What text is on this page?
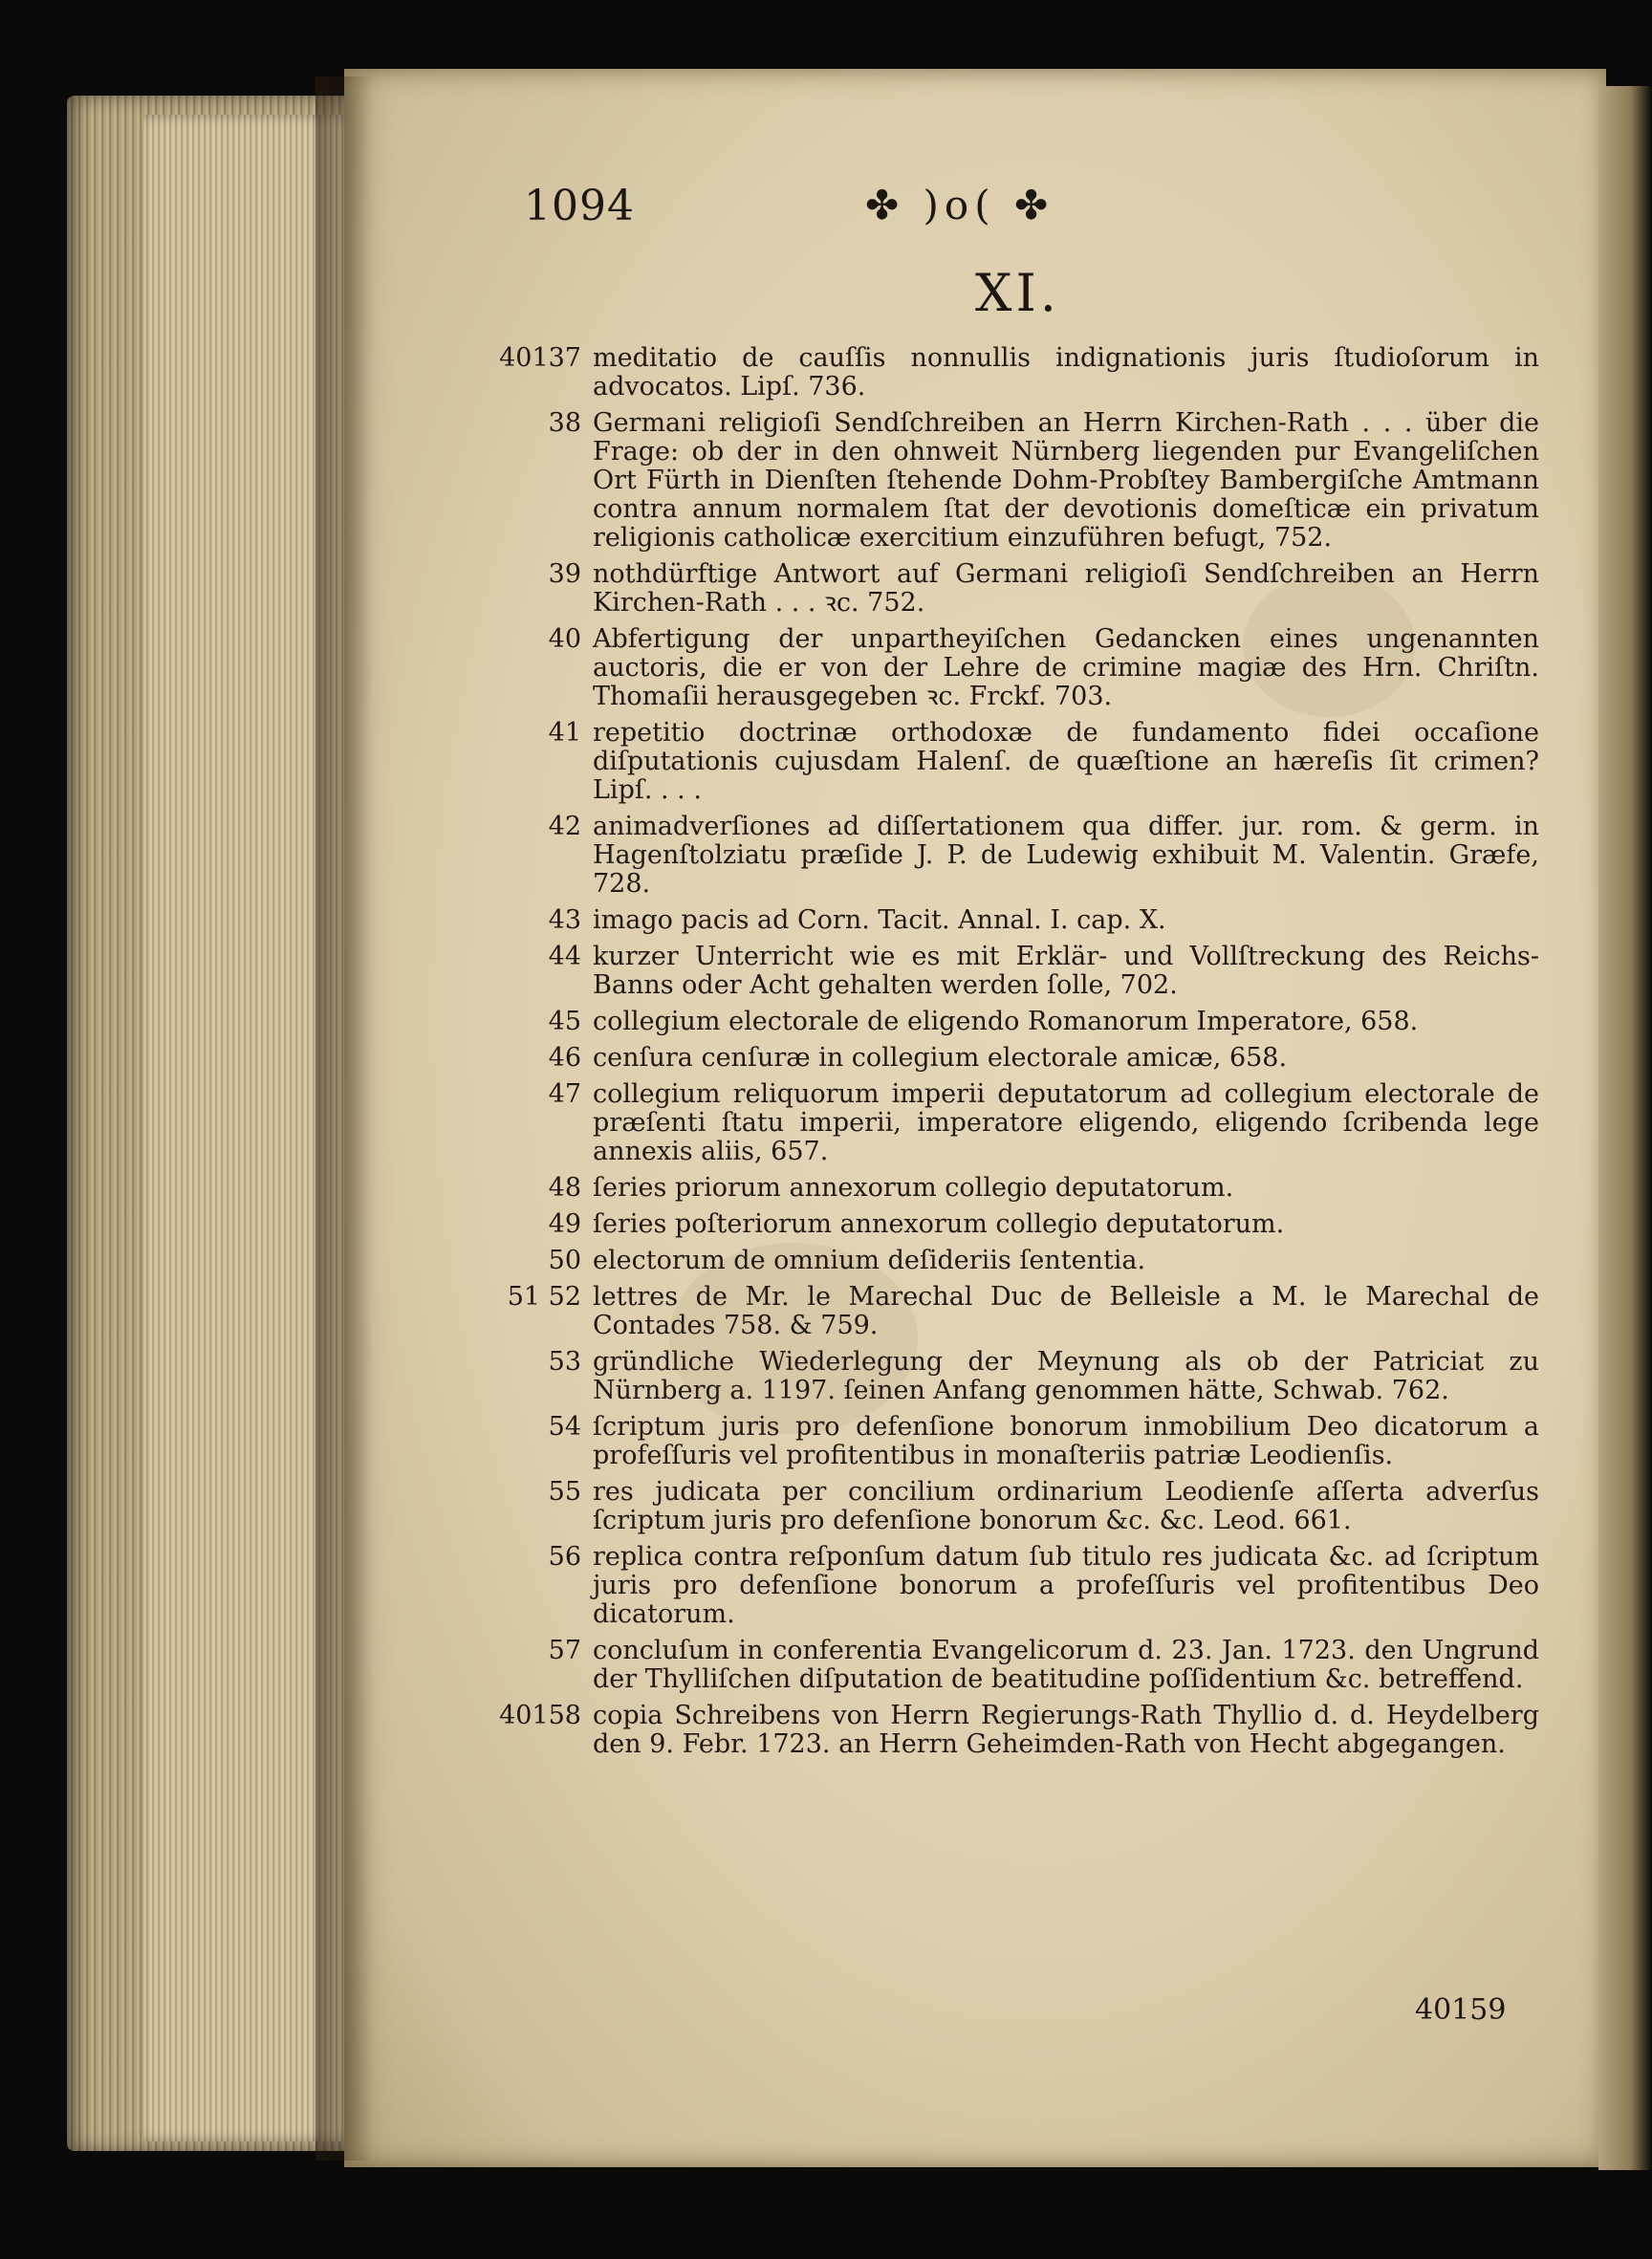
1094	✤ )o( ✤
XI.
40137 meditatio de cauſſis nonnullis indignationis juris ſtudioſorum in advocatos. Lipſ. 736.
38 Germani religioſi Sendſchreiben an Herrn Kirchen-Rath . . . über die Frage: ob der in den ohnweit Nürnberg liegenden pur Evangeliſchen Ort Fürth in Dienſten ſtehende Dohm-Probſtey Bambergiſche Amtmann contra annum normalem ſtat der devotionis domeſticæ ein privatum religionis catholicæ exercitium einzuführen befugt, 752.
39 nothdürftige Antwort auf Germani religioſi Sendſchreiben an Herrn Kirchen-Rath . . . ꝛc. 752.
40 Abfertigung der unpartheyiſchen Gedancken eines ungenannten auctoris, die er von der Lehre de crimine magiæ des Hrn. Chriſtn. Thomaſii herausgegeben ꝛc. Frckf. 703.
41 repetitio doctrinæ orthodoxæ de fundamento fidei occaſione diſputationis cujusdam Halenſ. de quæſtione an hæreſis ſit crimen? Lipſ. . . .
42 animadverſiones ad diſſertationem qua differ. jur. rom. & germ. in Hagenſtolziatu præſide J. P. de Ludewig exhibuit M. Valentin. Græfe, 728.
43 imago pacis ad Corn. Tacit. Annal. I. cap. X.
44 kurzer Unterricht wie es mit Erklär- und Vollſtreckung des Reichs-Banns oder Acht gehalten werden ſolle, 702.
45 collegium electorale de eligendo Romanorum Imperatore, 658.
46 cenſura cenſuræ in collegium electorale amicæ, 658.
47 collegium reliquorum imperii deputatorum ad collegium electorale de præſenti ſtatu imperii, imperatore eligendo, eligendo ſcribenda lege annexis aliis, 657.
48 ſeries priorum annexorum collegio deputatorum.
49 ſeries poſteriorum annexorum collegio deputatorum.
50 electorum de omnium deſideriis ſententia.
51 52 lettres de Mr. le Marechal Duc de Belleisle a M. le Marechal de Contades 758. & 759.
53 gründliche Wiederlegung der Meynung als ob der Patriciat zu Nürnberg a. 1197. ſeinen Anfang genommen hätte, Schwab. 762.
54 ſcriptum juris pro defenſione bonorum inmobilium Deo dicatorum a profeſſuris vel profitentibus in monaſteriis patriæ Leodienſis.
55 res judicata per concilium ordinarium Leodienſe aſſerta adverſus ſcriptum juris pro defenſione bonorum &c. &c. Leod. 661.
56 replica contra reſponſum datum ſub titulo res judicata &c. ad ſcriptum juris pro defenſione bonorum a profeſſuris vel profitentibus Deo dicatorum.
57 concluſum in conferentia Evangelicorum d. 23. Jan. 1723. den Ungrund der Thylliſchen diſputation de beatitudine poſſidentium &c. betreffend.
40158 copia Schreibens von Herrn Regierungs-Rath Thyllio d. d. Heydelberg den 9. Febr. 1723. an Herrn Geheimden-Rath von Hecht abgegangen.
40159
